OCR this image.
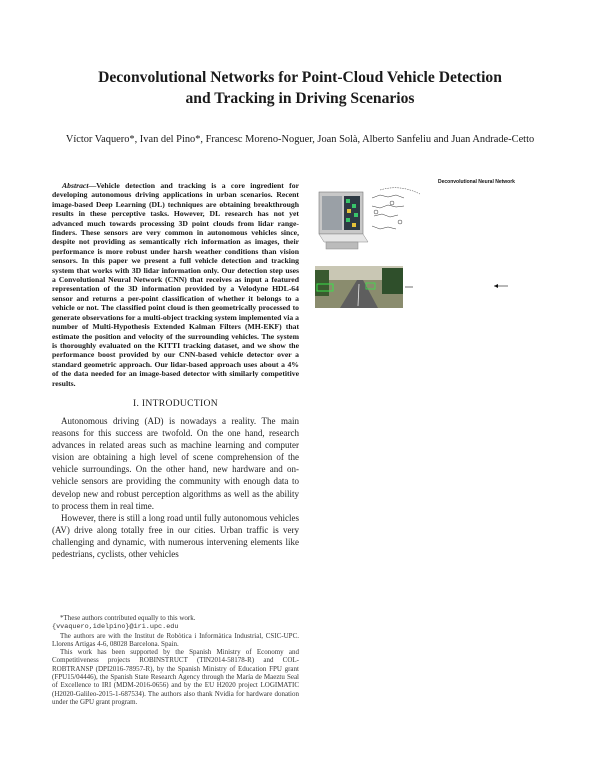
Deconvolutional Networks for Point-Cloud Vehicle Detection
and Tracking in Driving Scenarios
Víctor Vaquero*, Ivan del Pino*, Francesc Moreno-Noguer, Joan Solà, Alberto Sanfeliu and Juan Andrade-Cetto

Abstract—Vehicle detection and tracking is a core ingredient for developing autonomous driving applications in urban scenarios. Recent image-based Deep Learning (DL) techniques are obtaining breakthrough results in these perceptive tasks. However, DL research has not yet advanced much towards processing 3D point clouds from lidar range-finders. These sensors are very common in autonomous vehicles since, despite not providing as semantically rich information as images, their performance is more robust under harsh weather conditions than vision sensors. In this paper we present a full vehicle detection and tracking system that works with 3D lidar information only. Our detection step uses a Convolutional Neural Network (CNN) that receives as input a featured representation of the 3D information provided by a Velodyne HDL-64 sensor and returns a per-point classification of whether it belongs to a vehicle or not. The classified point cloud is then geometrically processed to generate observations for a multi-object tracking system implemented via a number of Multi-Hypothesis Extended Kalman Filters (MH-EKF) that estimate the position and velocity of the surrounding vehicles. The system is thoroughly evaluated on the KITTI tracking dataset, and we show the performance boost provided by our CNN-based vehicle detector over a standard geometric approach. Our lidar-based approach uses about a 4% of the data needed for an image-based detector with similarly competitive results.

I. INTRODUCTION

Autonomous driving (AD) is nowadays a reality. The main reasons for this success are twofold. On the one hand, research advances in related areas such as machine learning and computer vision are obtaining a high level of scene comprehension of the vehicle surroundings. On the other hand, new hardware and on-vehicle sensors are providing the community with enough data to develop new and robust perception algorithms as well as the ability to process them in real time.

However, there is still a long road until fully autonomous vehicles (AV) drive along totally free in our cities. Urban traffic is very challenging and dynamic, with numerous intervening elements like pedestrians, cyclists, other vehicles

*These authors contributed equally to this work.
{vvaquero,idelpino}@iri.upc.edu

The authors are with the Institut de Robòtica i Informàtica Industrial, CSIC-UPC. Llorens Artigas 4-6, 08028 Barcelona. Spain.

This work has been supported by the Spanish Ministry of Economy and Competitiveness projects ROBINSTRUCT (TIN2014-58178-R) and COL-ROBTRANSP (DPI2016-78957-R), by the Spanish Ministry of Education FPU grant (FPU15/04446), the Spanish State Research Agency through the María de Maeztu Seal of Excellence to IRI (MDM-2016-0656) and by the EU H2020 project LOGIMATIC (H2020-Galileo-2015-1-687534). The authors also thank Nvidia for hardware donation under the GPU grant program.

Deconvolutional Neural Network
